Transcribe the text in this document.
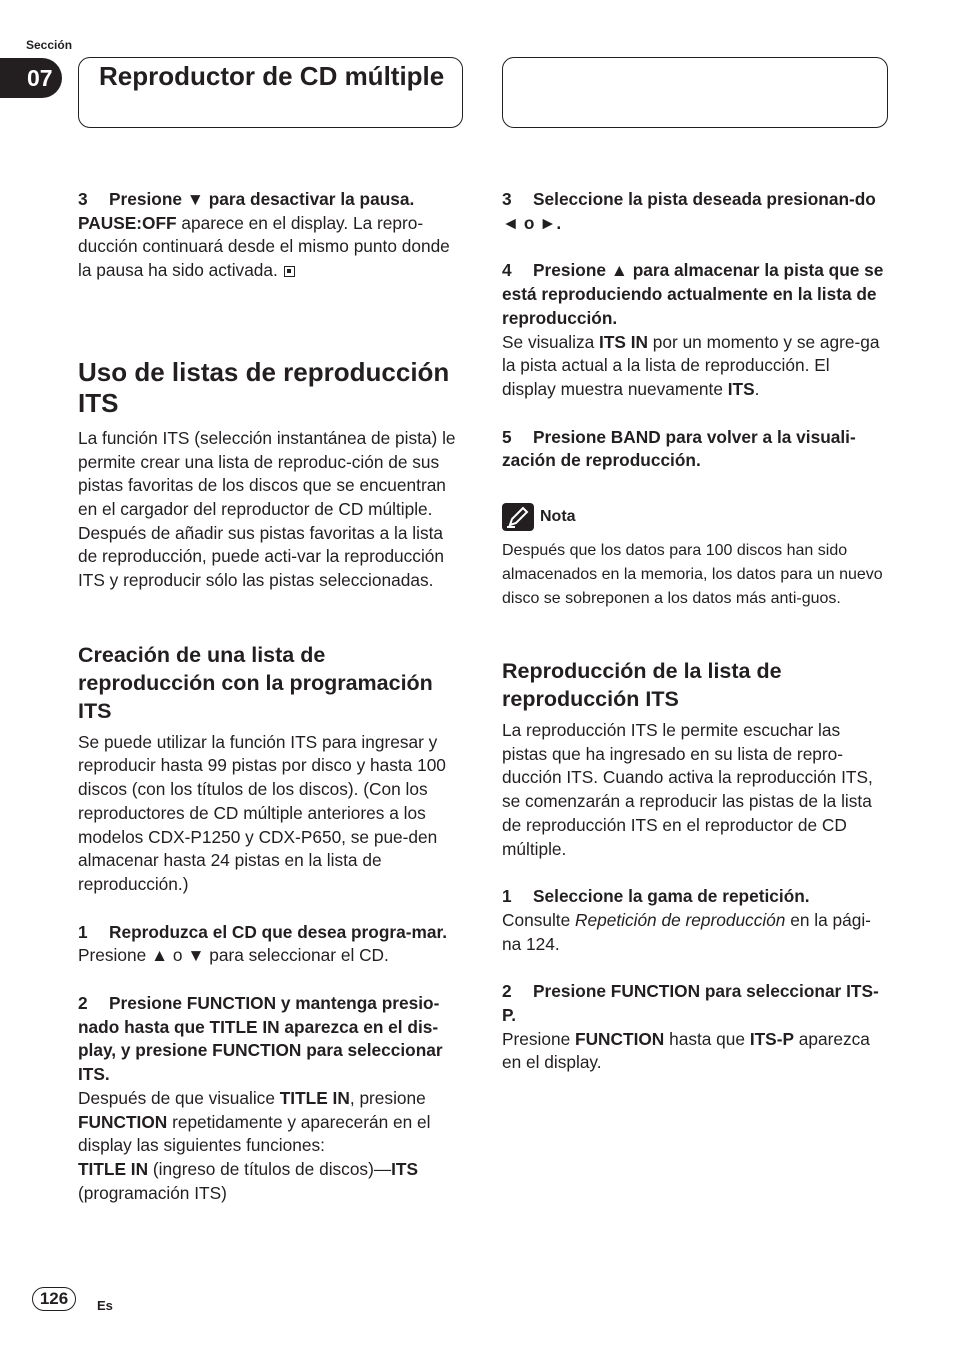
Sección
07	Reproductor de CD múltiple

3 Presione ▼ para desactivar la pausa.

PAUSE:OFF aparece en el display. La repro-ducción continuará desde el mismo punto donde la pausa ha sido activada.

Uso de listas de reproducción ITS

La función ITS (selección instantánea de pista) le permite crear una lista de reproduc-ción de sus pistas favoritas de los discos que se encuentran en el cargador del reproductor de CD múltiple. Después de añadir sus pistas favoritas a la lista de reproducción, puede acti-var la reproducción ITS y reproducir sólo las pistas seleccionadas.

Creación de una lista de reproducción con la programación ITS

Se puede utilizar la función ITS para ingresar y reproducir hasta 99 pistas por disco y hasta 100 discos (con los títulos de los discos). (Con los reproductores de CD múltiple anteriores a los modelos CDX-P1250 y CDX-P650, se pue-den almacenar hasta 24 pistas en la lista de reproducción.)

1 Reproduzca el CD que desea progra-mar.

Presione ▲ o ▼ para seleccionar el CD.

2 Presione FUNCTION y mantenga presio-nado hasta que TITLE IN aparezca en el dis-play, y presione FUNCTION para seleccionar ITS.

Después de que visualice TITLE IN, presione FUNCTION repetidamente y aparecerán en el display las siguientes funciones:
TITLE IN (ingreso de títulos de discos)—ITS
(programación ITS)

3 Seleccione la pista deseada presionan-do ◄ o ►.

4 Presione ▲ para almacenar la pista que se está reproduciendo actualmente en la lista de reproducción.

Se visualiza ITS IN por un momento y se agre-ga la pista actual a la lista de reproducción. El display muestra nuevamente ITS.

5 Presione BAND para volver a la visuali-zación de reproducción.

Nota

Después que los datos para 100 discos han sido almacenados en la memoria, los datos para un nuevo disco se sobreponen a los datos más anti-guos.

Reproducción de la lista de reproducción ITS

La reproducción ITS le permite escuchar las pistas que ha ingresado en su lista de repro-ducción ITS. Cuando activa la reproducción ITS, se comenzarán a reproducir las pistas de la lista de reproducción ITS en el reproductor de CD múltiple.

1 Seleccione la gama de repetición.

Consulte Repetición de reproducción en la pági-na 124.

2 Presione FUNCTION para seleccionar ITS-P.

Presione FUNCTION hasta que ITS-P aparezca en el display.

126	Es
